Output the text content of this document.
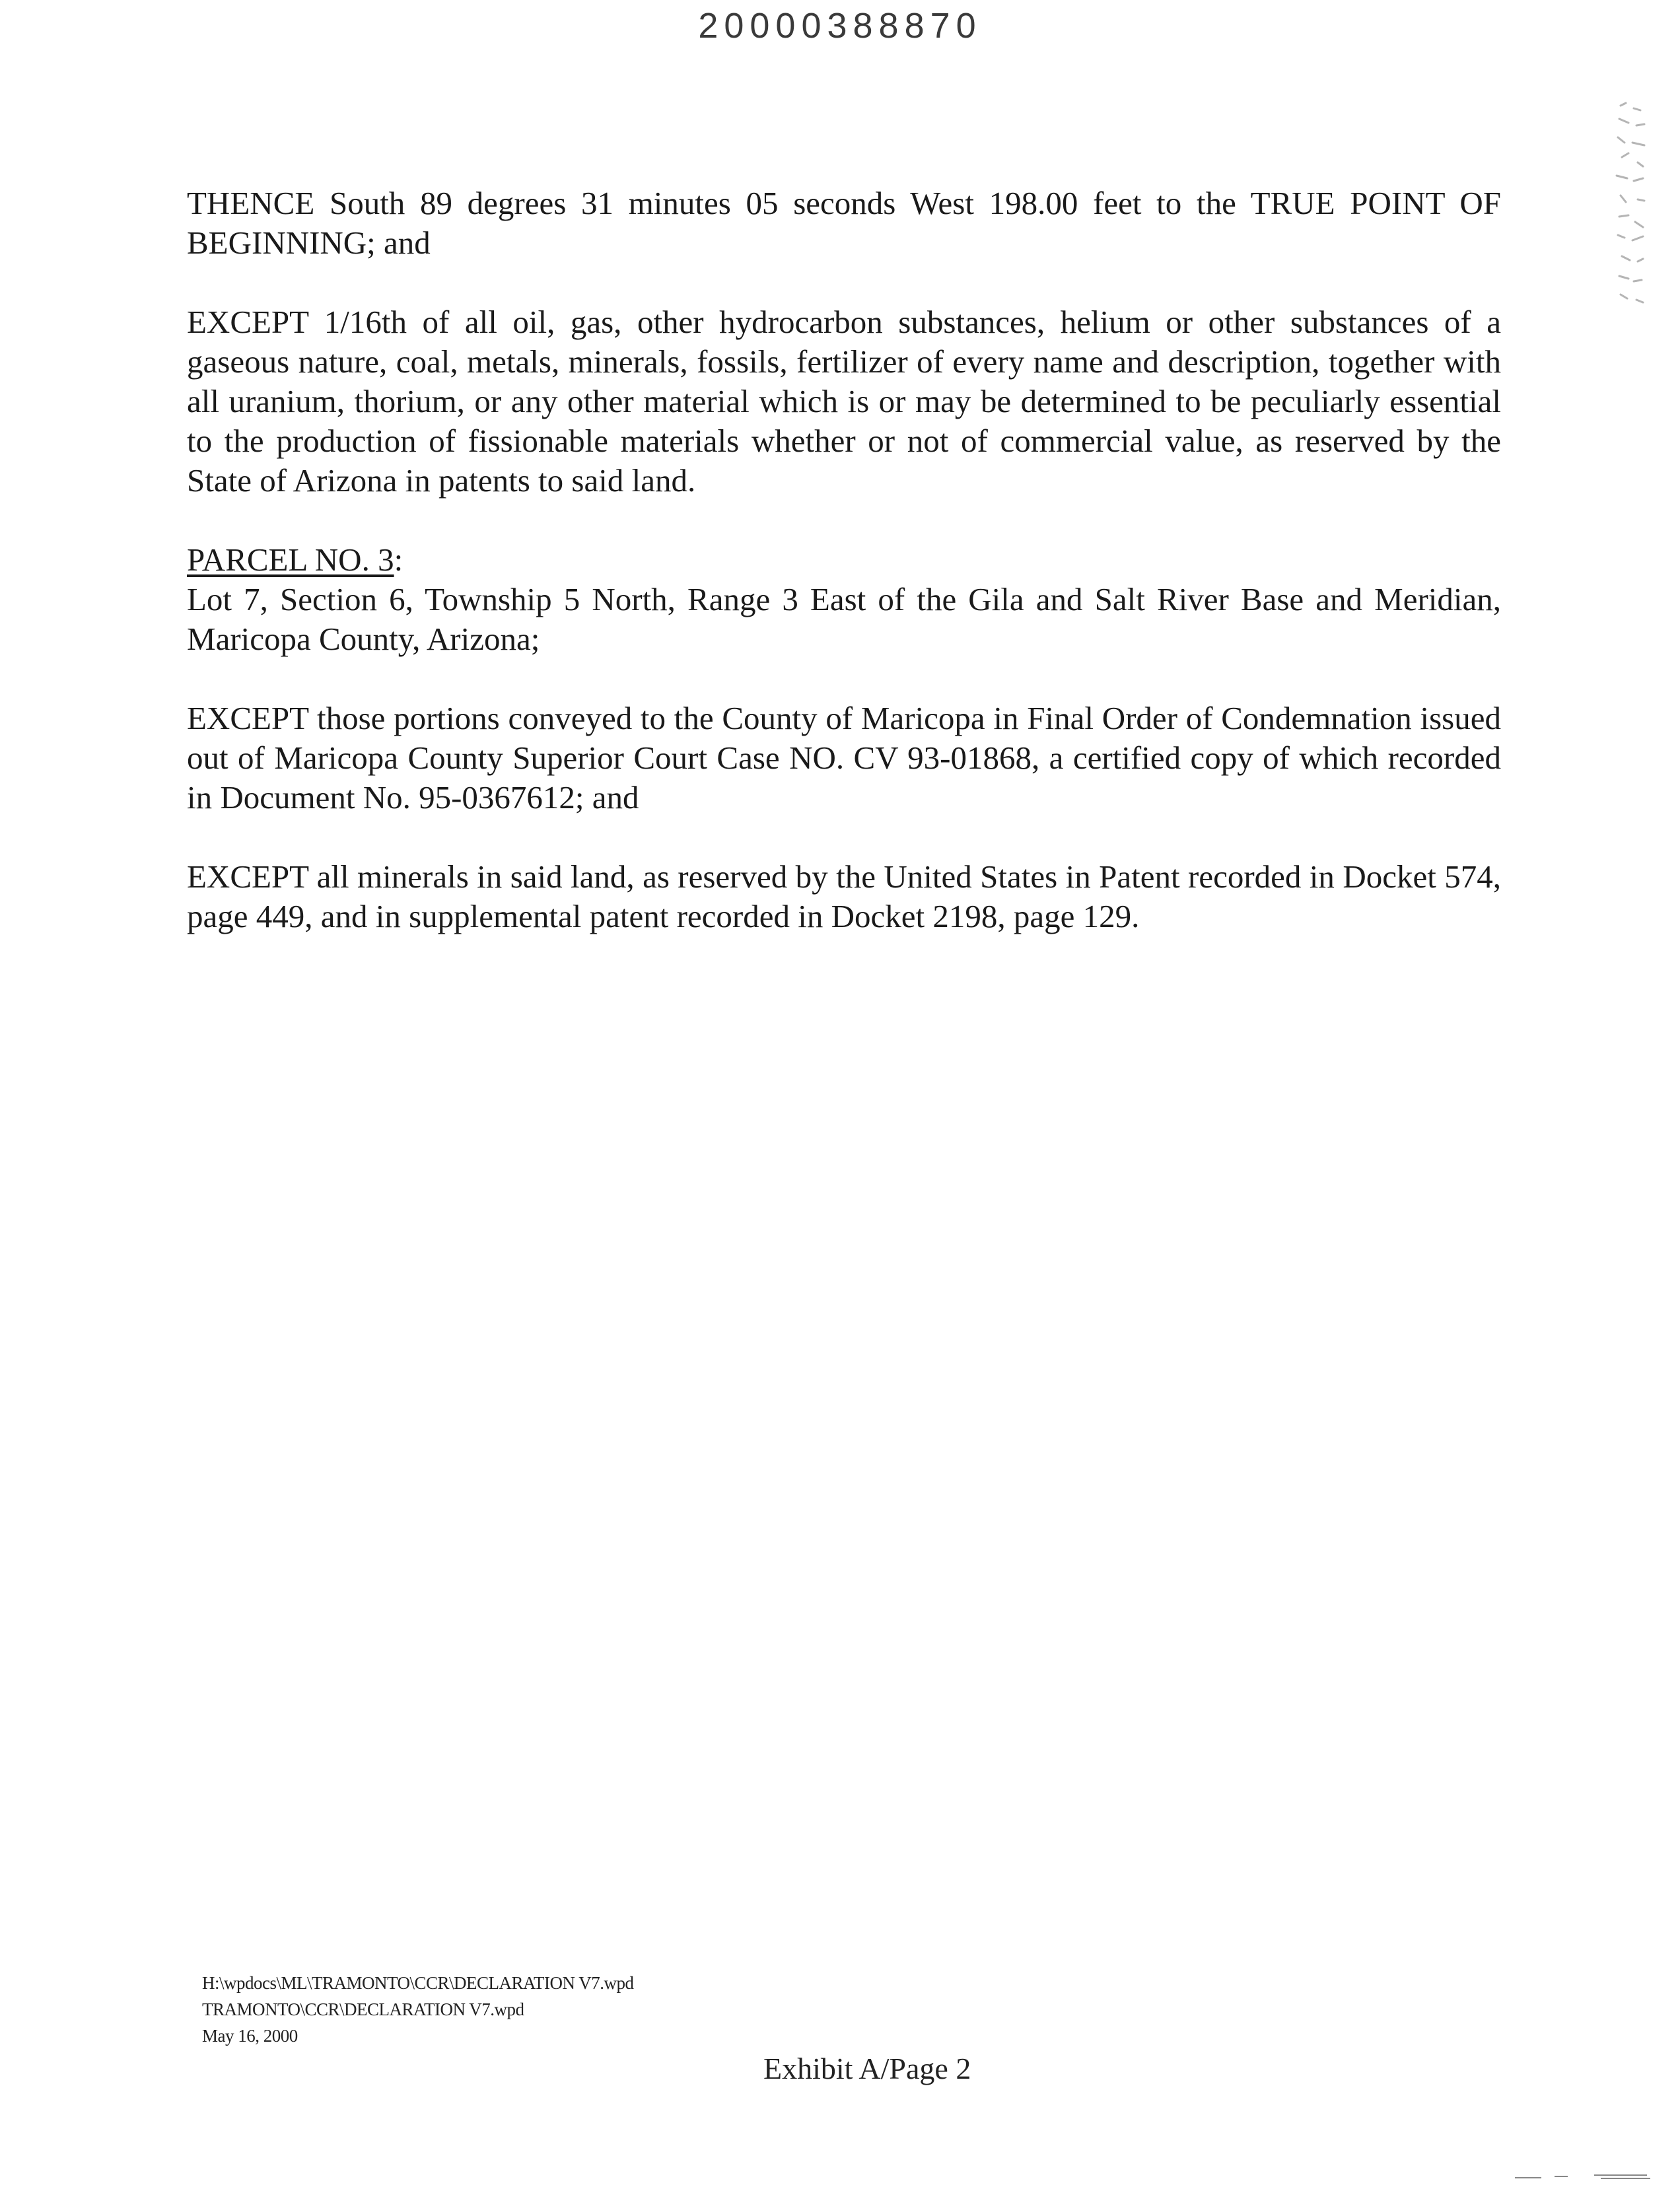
20000388870

THENCE South 89 degrees 31 minutes 05 seconds West 198.00 feet to the TRUE POINT OF BEGINNING; and

EXCEPT 1/16th of all oil, gas, other hydrocarbon substances, helium or other substances of a gaseous nature, coal, metals, minerals, fossils, fertilizer of every name and description, together with all uranium, thorium, or any other material which is or may be determined to be peculiarly essential to the production of fissionable materials whether or not of commercial value, as reserved by the State of Arizona in patents to said land.

PARCEL NO. 3:

Lot 7, Section 6, Township 5 North, Range 3 East of the Gila and Salt River Base and Meridian, Maricopa County, Arizona;

EXCEPT those portions conveyed to the County of Maricopa in Final Order of Condemnation issued out of Maricopa County Superior Court Case NO. CV 93-01868, a certified copy of which recorded in Document No. 95-0367612; and

EXCEPT all minerals in said land, as reserved by the United States in Patent recorded in Docket 574, page 449, and in supplemental patent recorded in Docket 2198, page 129.

H:\wpdocs\ML\TRAMONTO\CCR\DECLARATION V7.wpd
TRAMONTO\CCR\DECLARATION V7.wpd
May 16, 2000
Exhibit A/Page 2
